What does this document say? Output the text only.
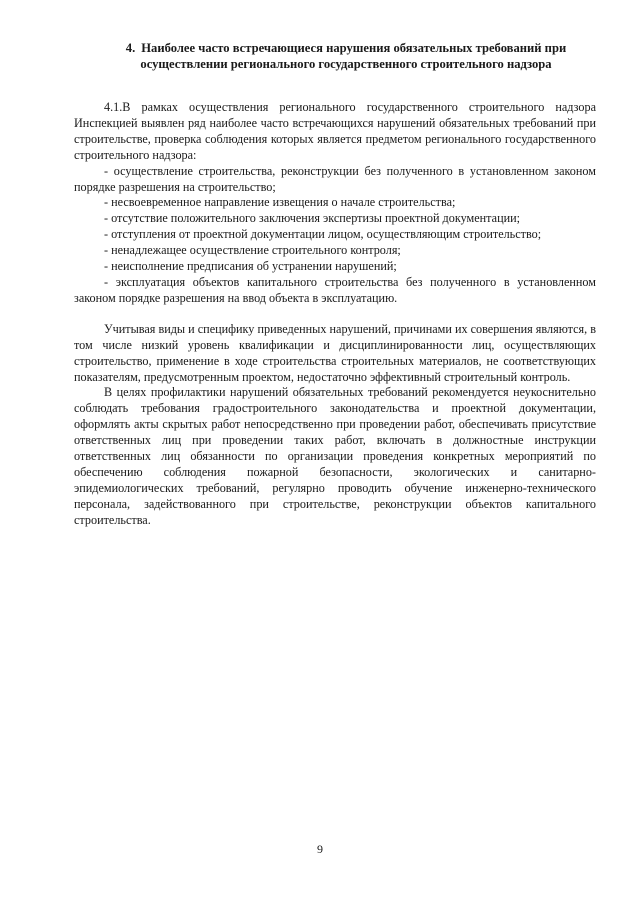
4. Наиболее часто встречающиеся нарушения обязательных требований при осуществлении регионального государственного строительного надзора

4.1.В рамках осуществления регионального государственного строительного надзора Инспекцией выявлен ряд наиболее часто встречающихся нарушений обязательных требований при строительстве, проверка соблюдения которых является предметом регионального государственного строительного надзора:

- осуществление строительства, реконструкции без полученного в установленном законом порядке разрешения на строительство;

- несвоевременное направление извещения о начале строительства;

- отсутствие положительного заключения экспертизы проектной документации;

- отступления от проектной документации лицом, осуществляющим строительство;

- ненадлежащее осуществление строительного контроля;

- неисполнение предписания об устранении нарушений;

- эксплуатация объектов капитального строительства без полученного в установленном законом порядке разрешения на ввод объекта в эксплуатацию.

Учитывая виды и специфику приведенных нарушений, причинами их совершения являются, в том числе низкий уровень квалификации и дисциплинированности лиц, осуществляющих строительство, применение в ходе строительства строительных материалов, не соответствующих показателям, предусмотренным проектом, недостаточно эффективный строительный контроль.

В целях профилактики нарушений обязательных требований рекомендуется неукоснительно соблюдать требования градостроительного законодательства и проектной документации, оформлять акты скрытых работ непосредственно при проведении работ, обеспечивать присутствие ответственных лиц при проведении таких работ, включать в должностные инструкции ответственных лиц обязанности по организации проведения конкретных мероприятий по обеспечению соблюдения пожарной безопасности, экологических и санитарно-эпидемиологических требований, регулярно проводить обучение инженерно-технического персонала, задействованного при строительстве, реконструкции объектов капитального строительства.

9
